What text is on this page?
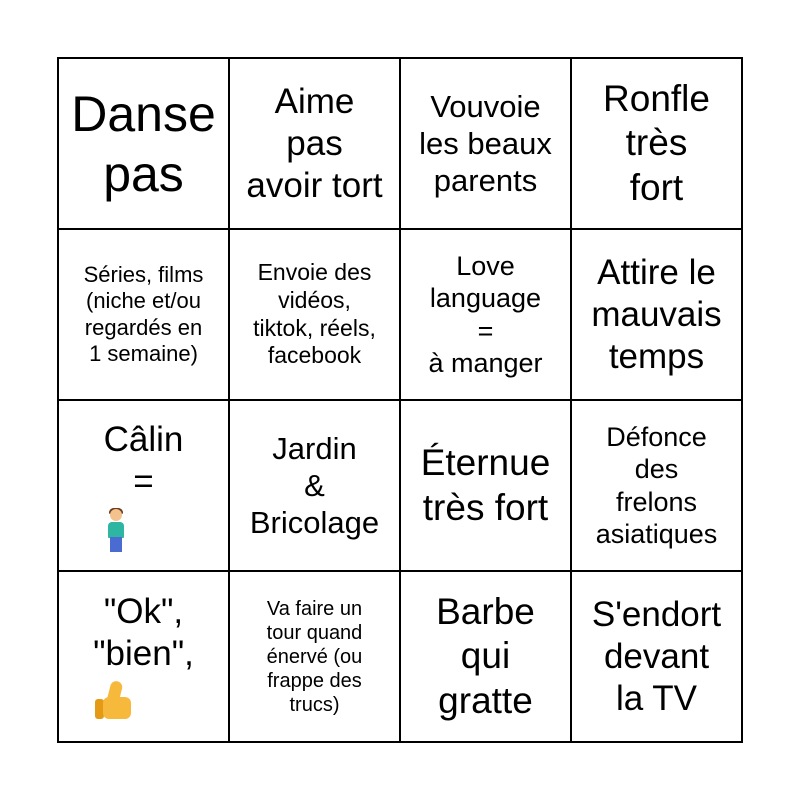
Danse
pas
Aime
pas
avoir tort
Vouvoie
les beaux
parents
Ronfle
très
fort
Séries, films
(niche et/ou
regardés en
1 semaine)
Envoie des
vidéos,
tiktok, réels,
facebook
Love
language
=
à manger
Attire le
mauvais
temps
Câlin
=
Jardin
&
Bricolage
Éternue
très fort
Défonce
des
frelons
asiatiques
"Ok",
"bien",
Va faire un
tour quand
énervé (ou
frappe des
trucs)
Barbe
qui
gratte
S'endort
devant
la TV
